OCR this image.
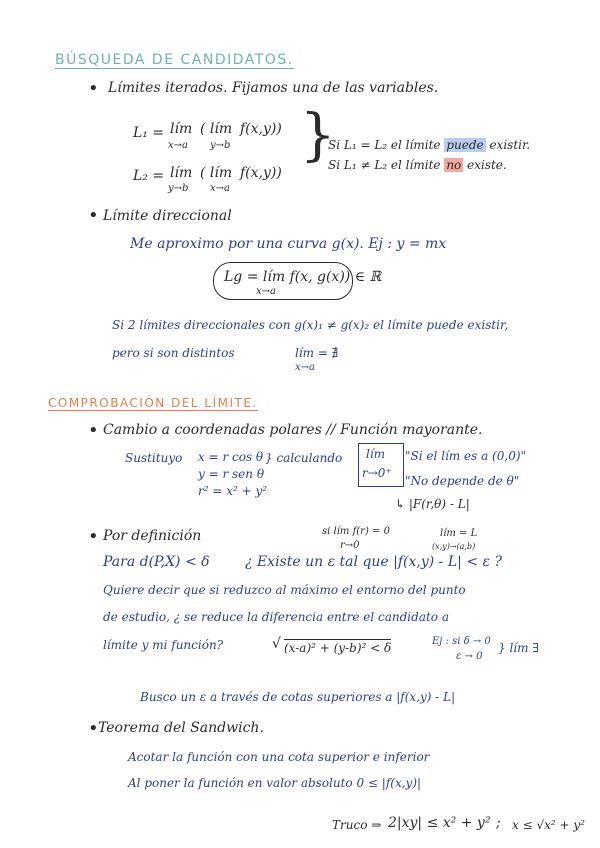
BÚSQUEDA DE CANDIDATOS.
• Límites iterados. Fijamos una de las variables.
L₁ = lím
x→a
( lím
y→b
f(x,y))
L₂ = lím
y→b
( lím
x→a
f(x,y))
}
Si L₁ = L₂ el límite puede existir.
Si L₁ ≠ L₂ el límite no existe.
• Límite direccional
Me aproximo por una curva g(x). Ej : y = mx
Lg = lím f(x, g(x)) ∈ ℝ
x→a
Si 2 límites direccionales con g(x)₁ ≠ g(x)₂ el límite puede existir,
pero si son distintos	lím = ∄
x→a
COMPROBACIÓN DEL LÍMITE.
• Cambio a coordenadas polares // Función mayorante.
Sustituyo x = r cos θ
y = r sen θ
r² = x² + y²
} calculando lím
r→0⁺
"Si el lím es a (0,0)"
"No depende de θ"
↳ |F(r,θ) - L|
• Por definición	si lím f(r) = 0
r→0
lím = L
(x,y)→(a,b)
Para d(P,X) < δ	¿ Existe un ε tal que |f(x,y) - L| < ε ?
Quiere decir que si reduzco al máximo el entorno del punto
de estudio, ¿ se reduce la diferencia entre el candidato a
límite y mi función?	√ (x-a)² + (y-b)² < δ	Ej : si δ → 0
ε → 0
} lím ∃
Busco un ε a través de cotas superiores a |f(x,y) - L|
• Teorema del Sandwich.
Acotar la función con una cota superior e inferior
Al poner la función en valor absoluto 0 ≤ |f(x,y)|
Truco ⇒ 2|xy| ≤ x² + y² ; x ≤ √x² + y²
